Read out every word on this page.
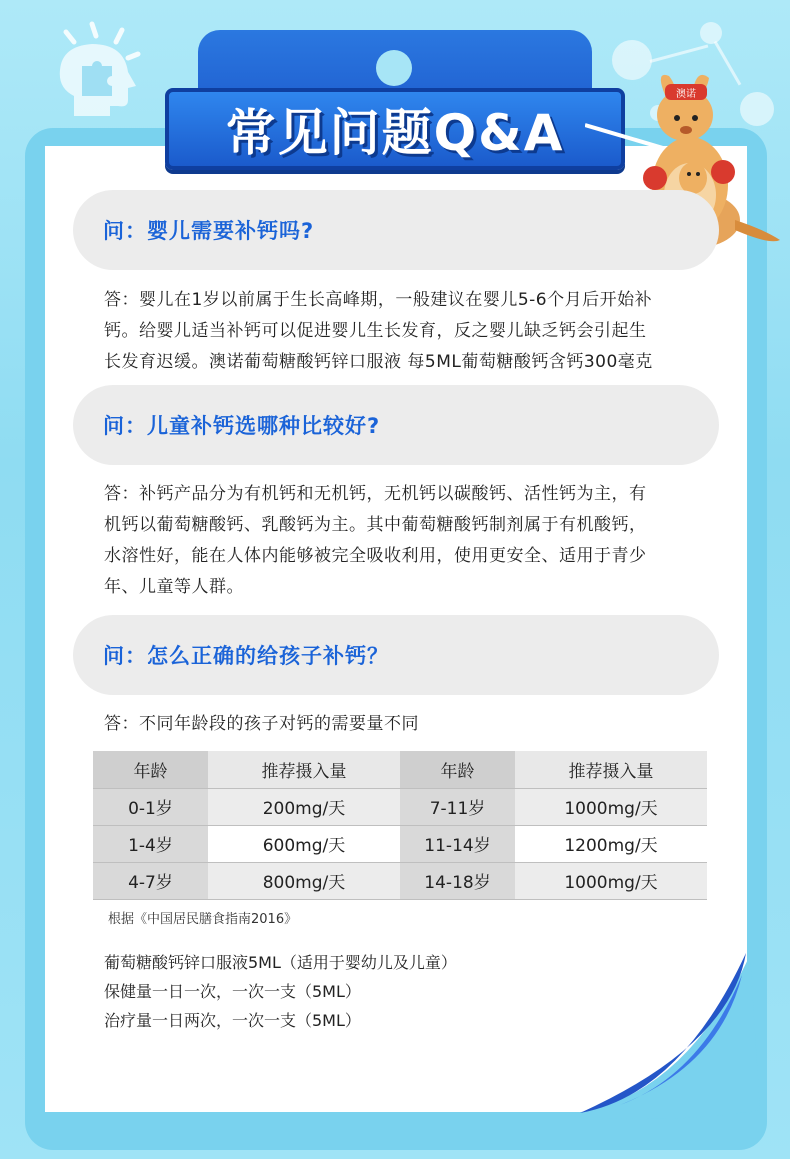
常见问题Q&A
澳诺
问：婴儿需要补钙吗?
答：婴儿在1岁以前属于生长高峰期，一般建议在婴儿5-6个月后开始补
钙。给婴儿适当补钙可以促进婴儿生长发育，反之婴儿缺乏钙会引起生
长发育迟缓。澳诺葡萄糖酸钙锌口服液 每5ML葡萄糖酸钙含钙300毫克
问：儿童补钙选哪种比较好?
答：补钙产品分为有机钙和无机钙，无机钙以碳酸钙、活性钙为主，有
机钙以葡萄糖酸钙、乳酸钙为主。其中葡萄糖酸钙制剂属于有机酸钙，
水溶性好，能在人体内能够被完全吸收利用，使用更安全、适用于青少
年、儿童等人群。
问：怎么正确的给孩子补钙？
答：不同年龄段的孩子对钙的需要量不同
年龄	推荐摄入量	年龄	推荐摄入量
0-1岁	200mg/天	7-11岁	1000mg/天
1-4岁	600mg/天	11-14岁	1200mg/天
4-7岁	800mg/天	14-18岁	1000mg/天
根据《中国居民膳食指南2016》
葡萄糖酸钙锌口服液5ML（适用于婴幼儿及儿童）
保健量一日一次，一次一支（5ML）
治疗量一日两次，一次一支（5ML）
